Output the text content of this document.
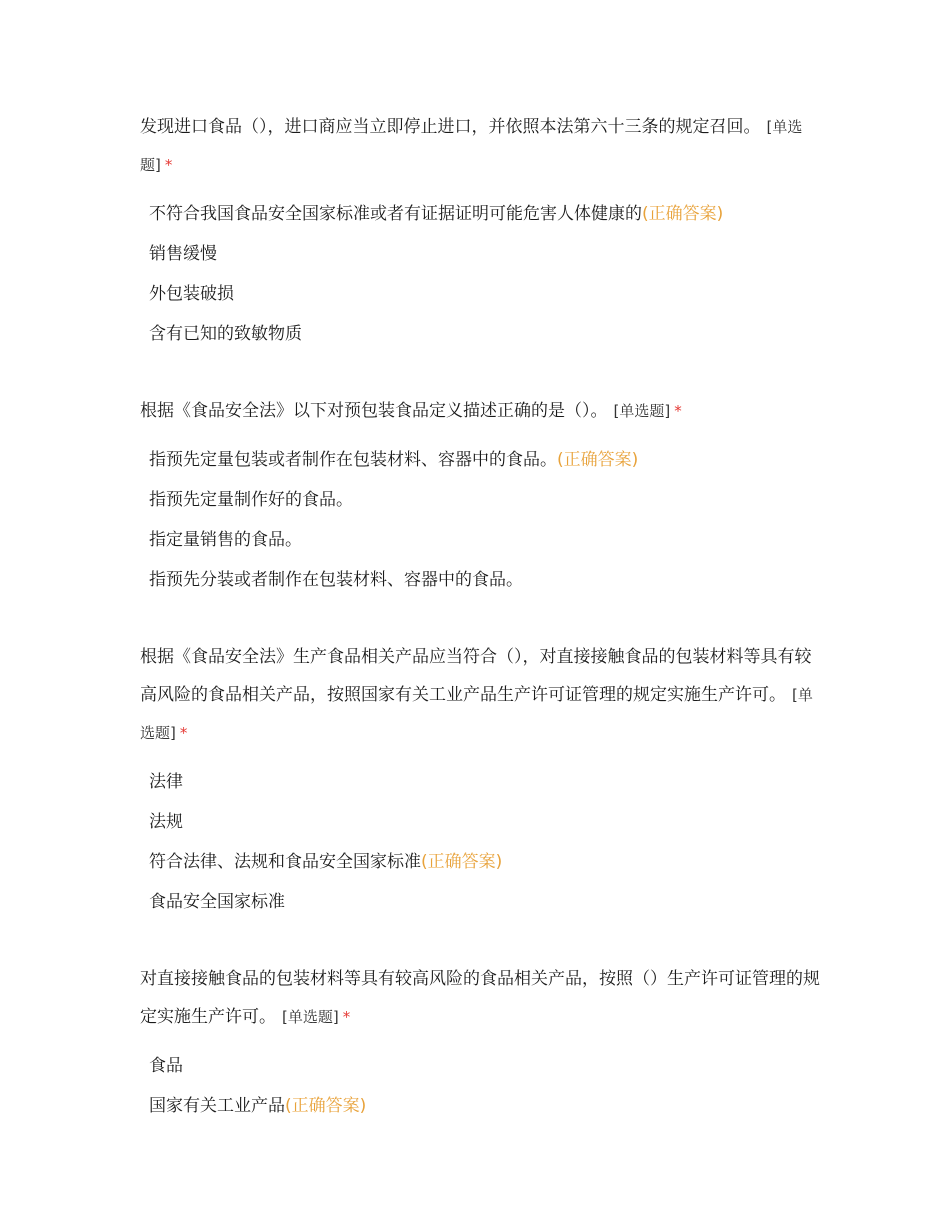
发现进口食品（），进口商应当立即停止进口，并依照本法第六十三条的规定召回。 [单选题] *

不符合我国食品安全国家标准或者有证据证明可能危害人体健康的(正确答案)
销售缓慢
外包装破损
含有已知的致敏物质

根据《食品安全法》以下对预包装食品定义描述正确的是（）。 [单选题] *

指预先定量包装或者制作在包装材料、容器中的食品。(正确答案)
指预先定量制作好的食品。
指定量销售的食品。
指预先分装或者制作在包装材料、容器中的食品。

根据《食品安全法》生产食品相关产品应当符合（），对直接接触食品的包装材料等具有较高风险的食品相关产品，按照国家有关工业产品生产许可证管理的规定实施生产许可。 [单选题] *

法律
法规
符合法律、法规和食品安全国家标准(正确答案)
食品安全国家标准

对直接接触食品的包装材料等具有较高风险的食品相关产品，按照（）生产许可证管理的规定实施生产许可。 [单选题] *

食品
国家有关工业产品(正确答案)
